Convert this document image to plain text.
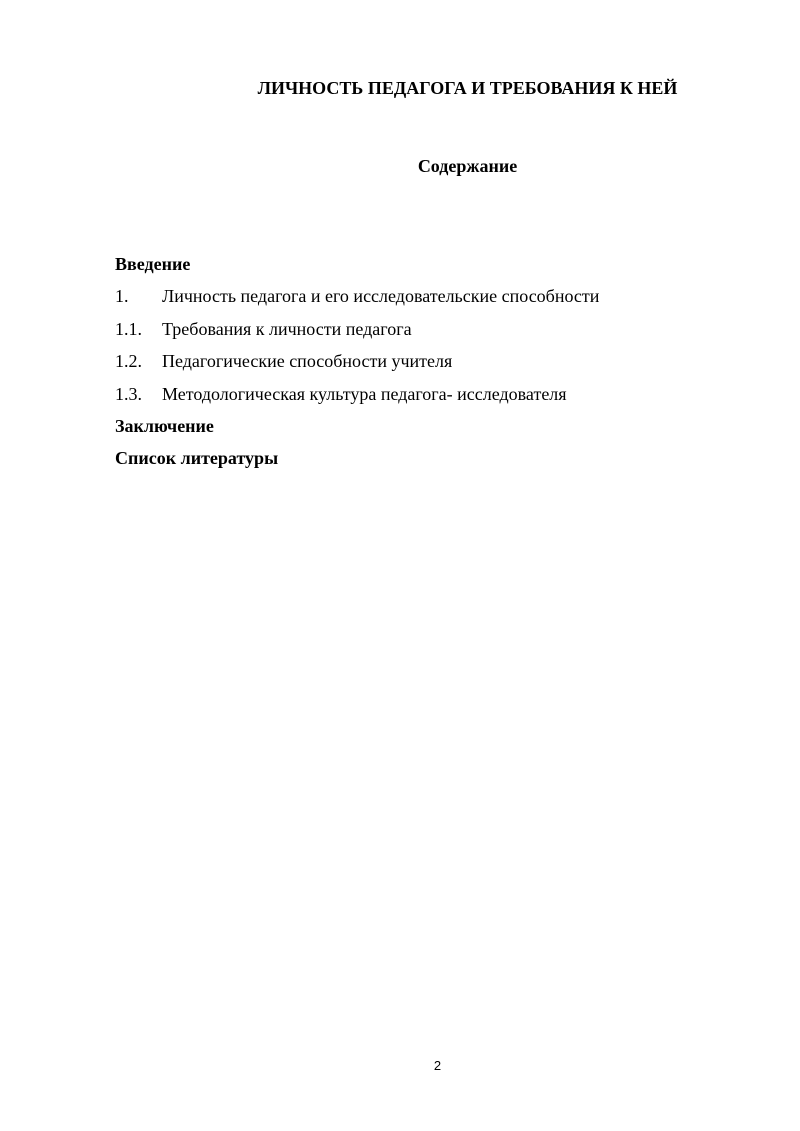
ЛИЧНОСТЬ ПЕДАГОГА И ТРЕБОВАНИЯ К НЕЙ
Содержание
Введение
1.	Личность педагога и его исследовательские способности
1.1.	Требования к личности педагога
1.2.	Педагогические способности учителя
1.3.	Методологическая культура педагога- исследователя
Заключение
Список литературы
2
